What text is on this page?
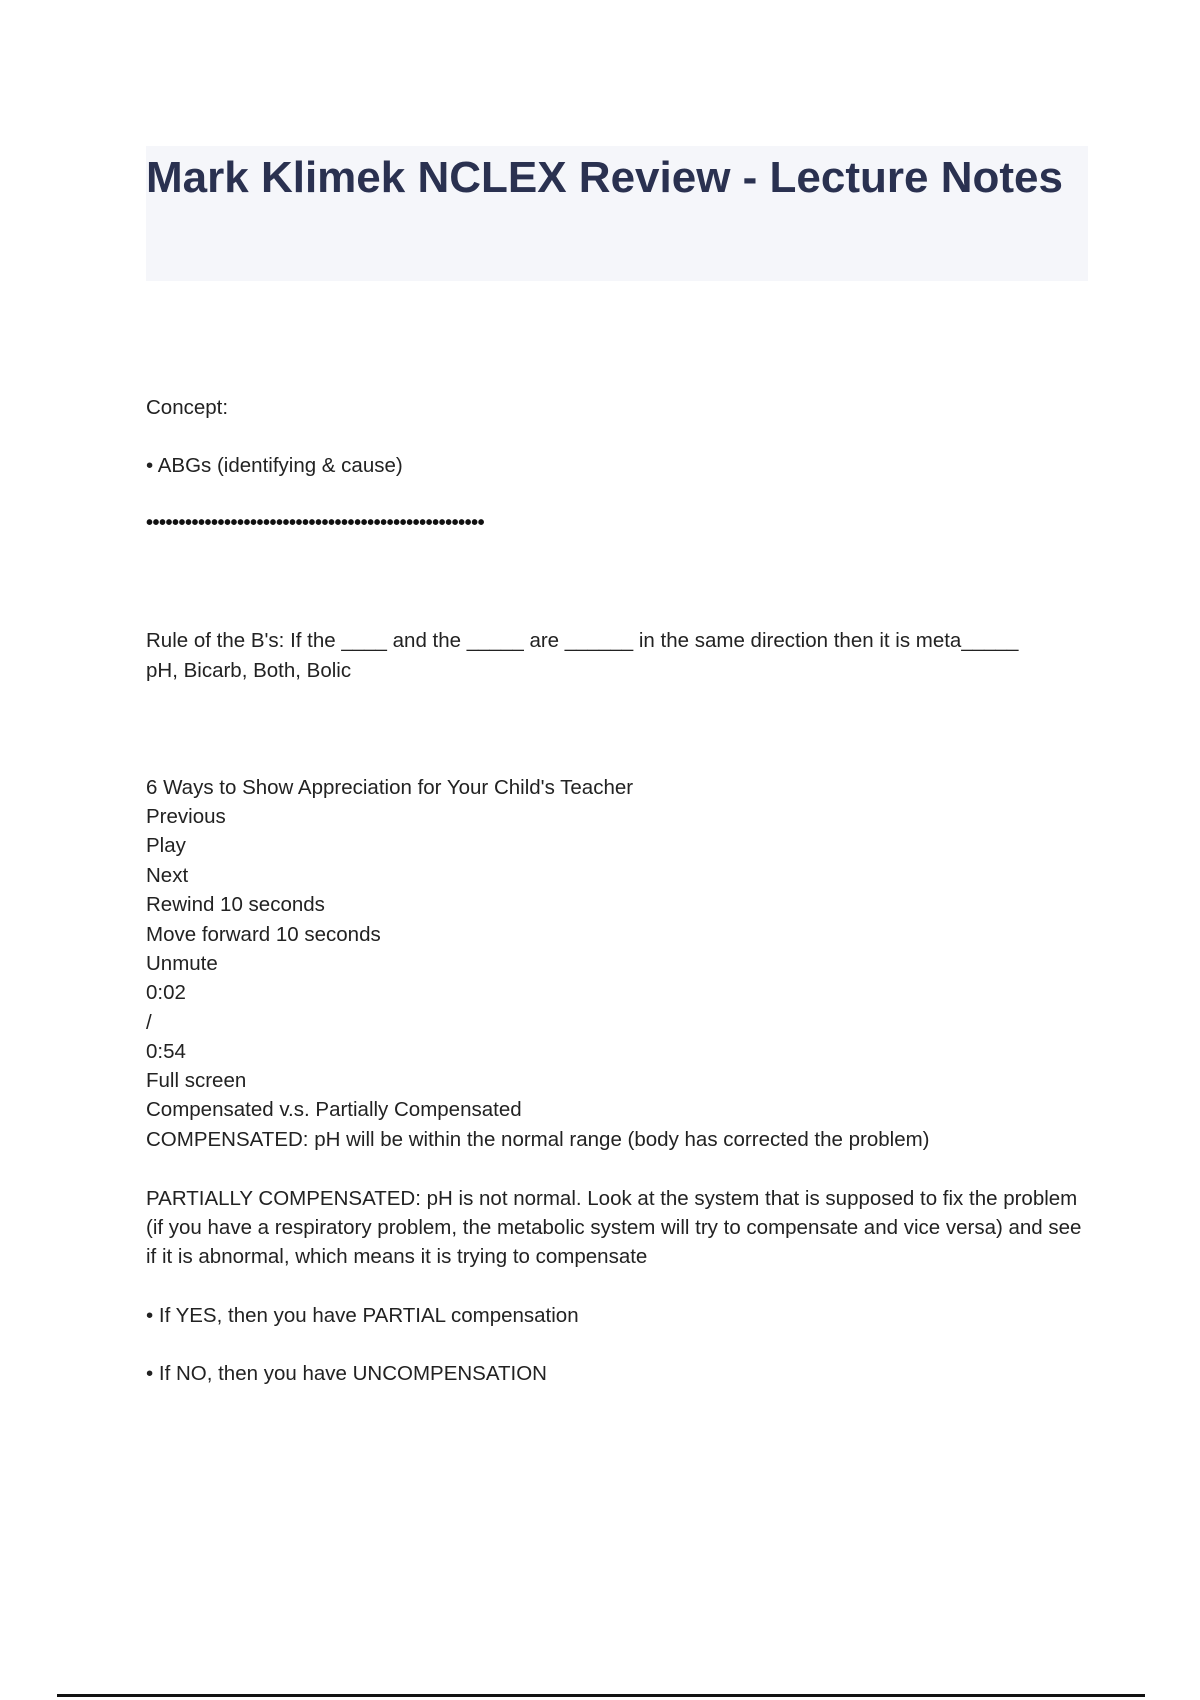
Mark Klimek NCLEX Review - Lecture Notes

Concept:

• ABGs (identifying & cause)

••••••••••••••••••••••••••••••••••••••••••••••••••••

Rule of the B's: If the ____ and the _____ are ______ in the same direction then it is meta_____

pH, Bicarb, Both, Bolic

6 Ways to Show Appreciation for Your Child's Teacher

Previous

Play

Next

Rewind 10 seconds

Move forward 10 seconds

Unmute

0:02

/

0:54

Full screen

Compensated v.s. Partially Compensated

COMPENSATED: pH will be within the normal range (body has corrected the problem)

PARTIALLY COMPENSATED: pH is not normal. Look at the system that is supposed to fix the problem (if you have a respiratory problem, the metabolic system will try to compensate and vice versa) and see if it is abnormal, which means it is trying to compensate

• If YES, then you have PARTIAL compensation

• If NO, then you have UNCOMPENSATION
